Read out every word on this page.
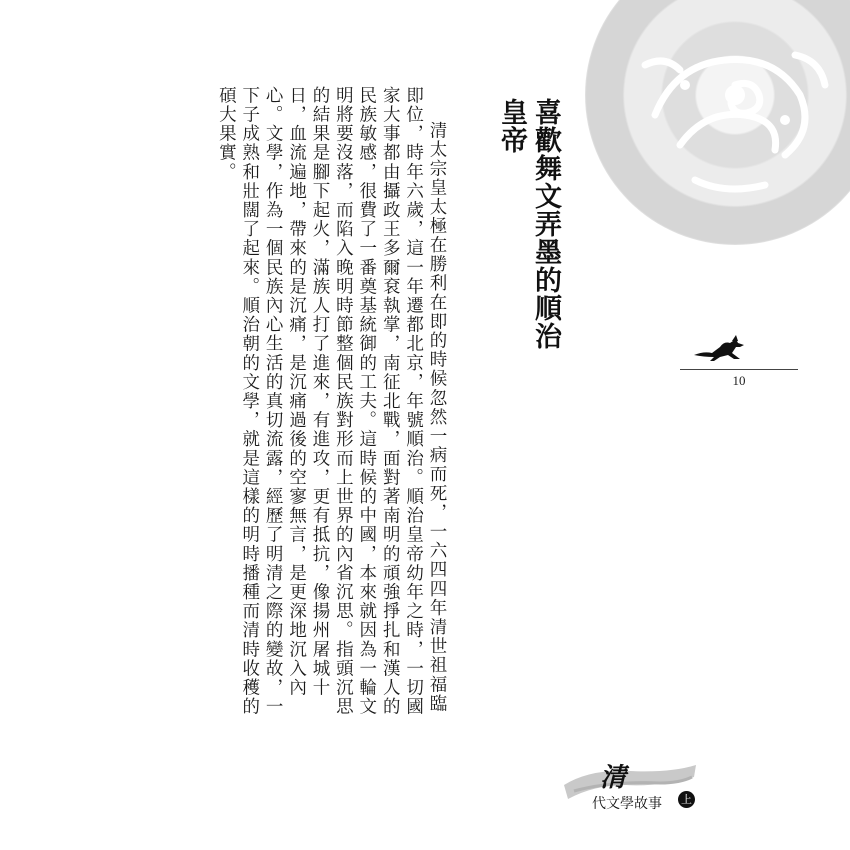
喜歡舞文弄墨的順治皇帝
10

清太宗皇太極在勝利在即的時候忽然一病而死，一六四四年清世祖福臨即位，時年六歲，這一年遷都北京，年號順治。順治皇帝幼年之時，一切國家大事都由攝政王多爾袞執掌，南征北戰，面對著南明的頑強掙扎和漢人的民族敏感，很費了一番奠基統御的工夫。這時候的中國，本來就因為一輪文明將要沒落，而陷入晚明時節整個民族對形而上世界的內省沉思。指頭沉思的結果是腳下起火，滿族人打了進來，有進攻，更有抵抗，像揚州屠城十日，血流遍地，帶來的是沉痛，是沉痛過後的空寥無言，是更深地沉入內心。文學，作為一個民族內心生活的真切流露，經歷了明清之際的變故，一下子成熟和壯闊了起來。順治朝的文學，就是這樣的明時播種而清時收穫的碩大果實。

清
代文學故事 上
